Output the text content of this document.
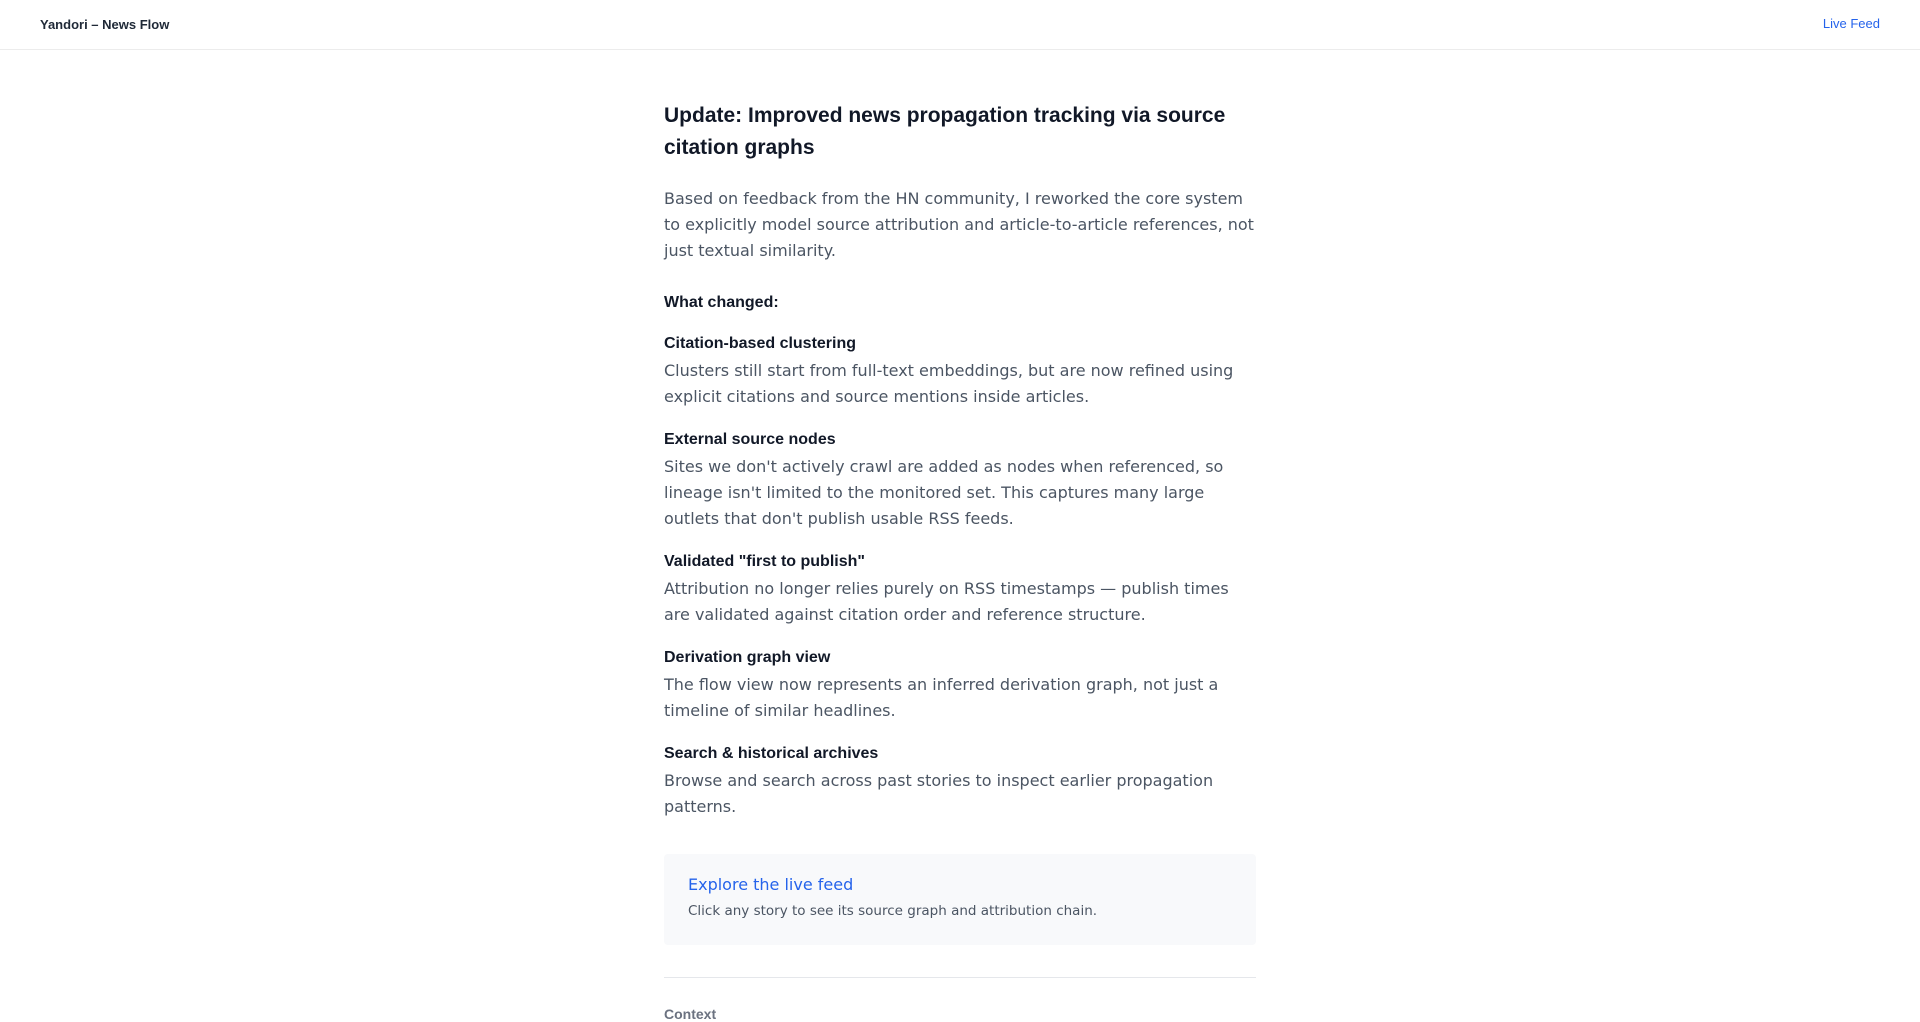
Yandori – News Flow	Live Feed
Update: Improved news propagation tracking via source citation graphs

Based on feedback from the HN community, I reworked the core system to explicitly model source attribution and article-to-article references, not just textual similarity.

What changed:
Citation-based clustering

Clusters still start from full-text embeddings, but are now refined using explicit citations and source mentions inside articles.

External source nodes

Sites we don't actively crawl are added as nodes when referenced, so lineage isn't limited to the monitored set. This captures many large outlets that don't publish usable RSS feeds.

Validated "first to publish"

Attribution no longer relies purely on RSS timestamps — publish times are validated against citation order and reference structure.

Derivation graph view

The flow view now represents an inferred derivation graph, not just a timeline of similar headlines.

Search & historical archives

Browse and search across past stories to inspect earlier propagation patterns.

Explore the live feed

Click any story to see its source graph and attribution chain.

Context
